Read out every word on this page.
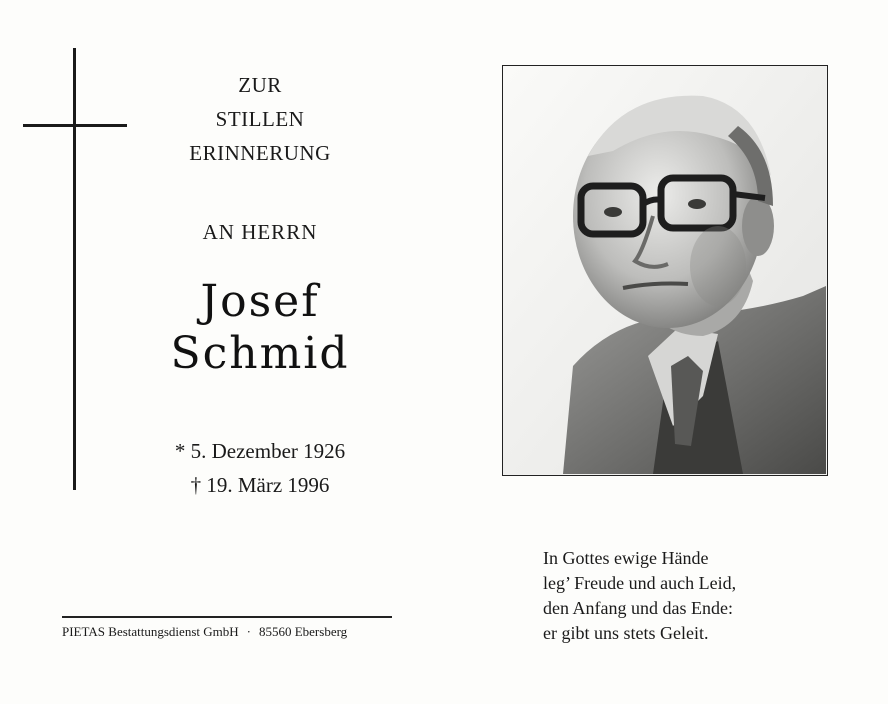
ZUR
STILLEN
ERINNERUNG
AN HERRN
Josef
Schmid
* 5. Dezember 1926
† 19. März 1996
In Gottes ewige Hände
leg’ Freude und auch Leid,
den Anfang und das Ende:
er gibt uns stets Geleit.
PIETAS Bestattungsdienst GmbH · 85560 Ebersberg
